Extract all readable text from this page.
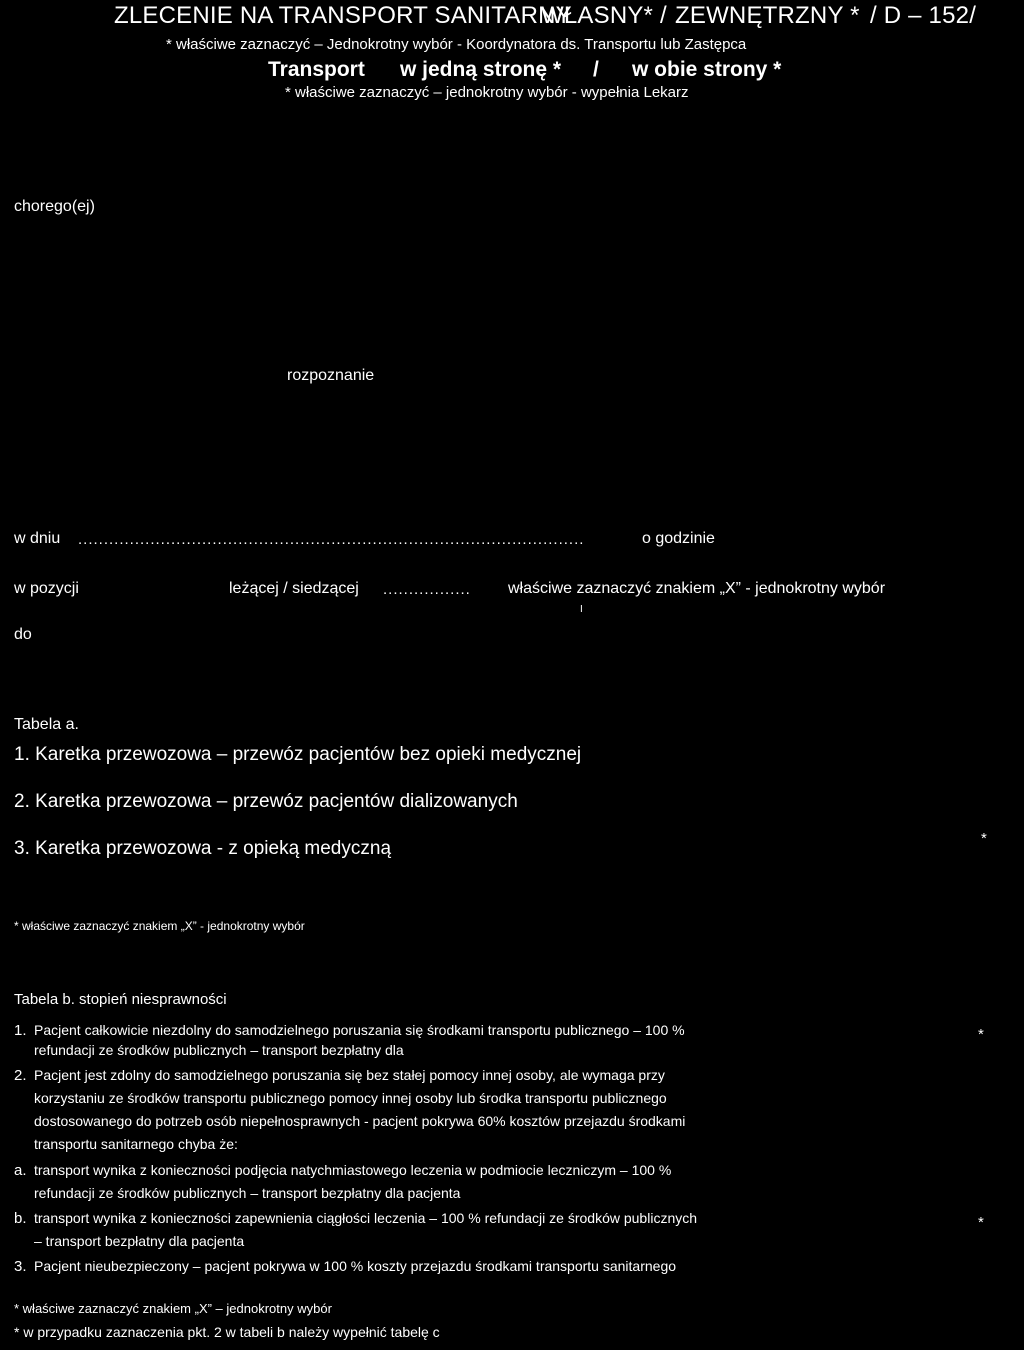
ZLECENIE NA TRANSPORT SANITARNY
WŁASNY* / ZEWNĘTRZNY * / D – 152/
* właściwe zaznaczyć – Jednokrotny wybór - Koordynatora ds. Transportu lub Zastępca
Transport w jedną stronę * / w obie strony *
* właściwe zaznaczyć – jednokrotny wybór - wypełnia Lekarz
chorego(ej)
rozpoznanie
w dniu ..................................................................................................	o godzinie
w pozycji	leżącej / siedzącej ................. właściwe zaznaczyć znakiem „X” - jednokrotny wybór
I
do
Tabela a.
1. Karetka przewozowa – przewóz pacjentów bez opieki medycznej
2. Karetka przewozowa – przewóz pacjentów dializowanych
3. Karetka przewozowa - z opieką medyczną	*
* właściwe zaznaczyć znakiem „X” - jednokrotny wybór
Tabela b. stopień niesprawności
1. Pacjent całkowicie niezdolny do samodzielnego poruszania się środkami transportu publicznego – 100 %
refundacji ze środków publicznych – transport bezpłatny dla
*
2. Pacjent jest zdolny do samodzielnego poruszania się bez stałej pomocy innej osoby, ale wymaga przy
korzystaniu ze środków transportu publicznego pomocy innej osoby lub środka transportu publicznego
dostosowanego do potrzeb osób niepełnosprawnych - pacjent pokrywa 60% kosztów przejazdu środkami
transportu sanitarnego chyba że:
a. transport wynika z konieczności podjęcia natychmiastowego leczenia w podmiocie leczniczym – 100 %
refundacji ze środków publicznych – transport bezpłatny dla pacjenta
b. transport wynika z konieczności zapewnienia ciągłości leczenia – 100 % refundacji ze środków publicznych
– transport bezpłatny dla pacjenta
*
3. Pacjent nieubezpieczony – pacjent pokrywa w 100 % koszty przejazdu środkami transportu sanitarnego
* właściwe zaznaczyć znakiem „X” – jednokrotny wybór
* w przypadku zaznaczenia pkt. 2 w tabeli b należy wypełnić tabelę c
